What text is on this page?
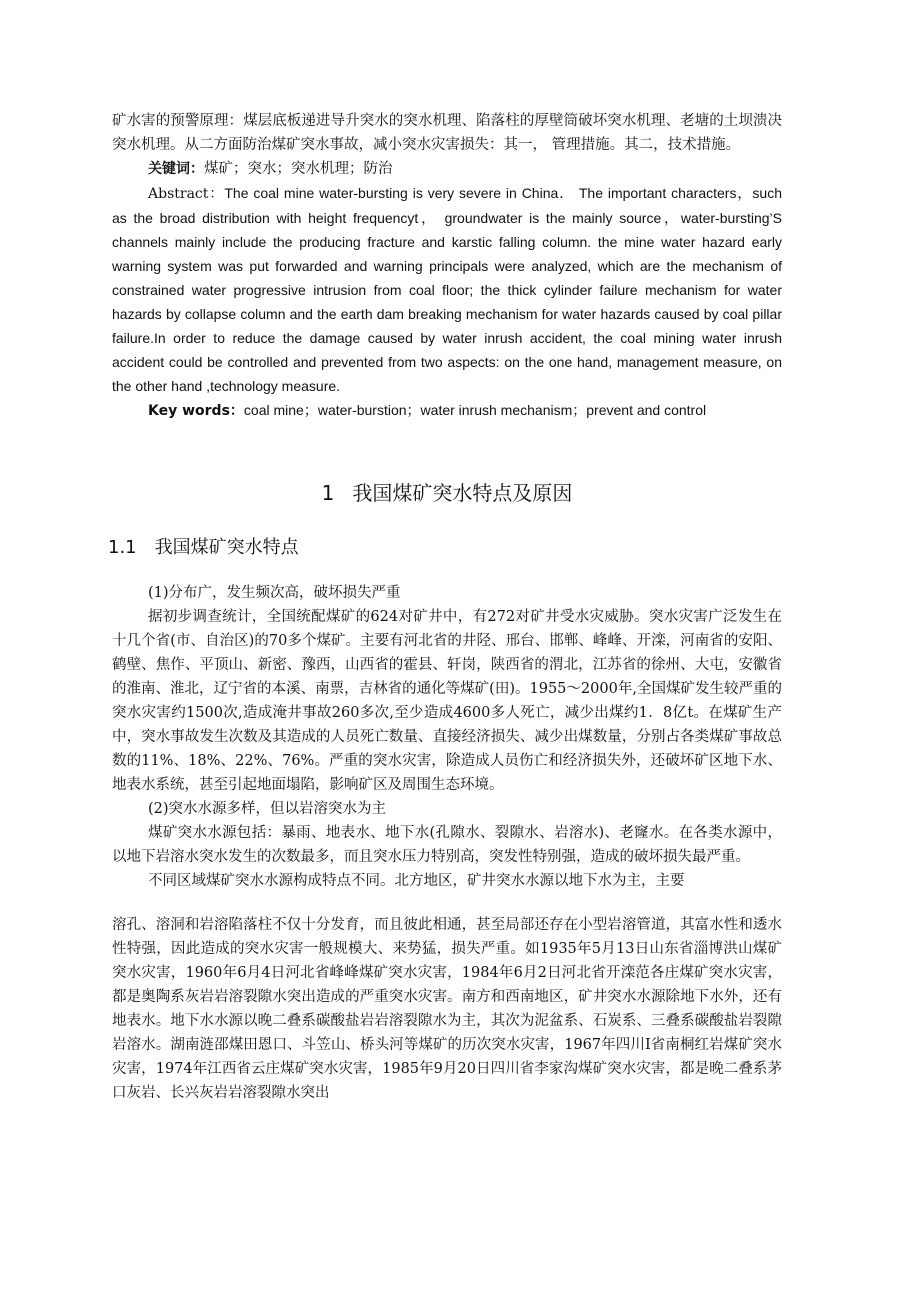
矿水害的预警原理：煤层底板递进导升突水的突水机理、陷落柱的厚壁筒破坏突水机理、老塘的土坝溃决突水机理。从二方面防治煤矿突水事故，减小突水灾害损失：其一， 管理措施。其二，技术措施。

关键词：煤矿；突水；突水机理；防治

Abstract：The coal mine water-bursting is very severe in China． The important characters，such as the broad distribution with height frequencyt， groundwater is the mainly source，water-bursting’S channels mainly include the producing fracture and karstic falling column. the mine water hazard early warning system was put forwarded and warning principals were analyzed, which are the mechanism of constrained water progressive intrusion from coal floor; the thick cylinder failure mechanism for water hazards by collapse column and the earth dam breaking mechanism for water hazards caused by coal pillar failure.In order to reduce the damage caused by water inrush accident, the coal mining water inrush accident could be controlled and prevented from two aspects: on the one hand, management measure, on the other hand ,technology measure.

Key words：coal mine；water-burstion；water inrush mechanism；prevent and control

1 我国煤矿突水特点及原因
1.1 我国煤矿突水特点

(1)分布广，发生频次高，破坏损失严重

据初步调查统计，全国统配煤矿的624对矿井中，有272对矿井受水灾威胁。突水灾害广泛发生在十几个省(市、自治区)的70多个煤矿。主要有河北省的井陉、邢台、邯郸、峰峰、开滦，河南省的安阳、鹤壁、焦作、平顶山、新密、豫西，山西省的霍县、轩岗，陕西省的渭北，江苏省的徐州、大屯，安徽省的淮南、淮北，辽宁省的本溪、南票，吉林省的通化等煤矿(田)。1955～2000年,全国煤矿发生较严重的突水灾害约1500次,造成淹井事故260多次,至少造成4600多人死亡，减少出煤约1．8亿t。在煤矿生产中，突水事故发生次数及其造成的人员死亡数量、直接经济损失、减少出煤数量，分别占各类煤矿事故总数的11%、18%、22%、76%。严重的突水灾害，除造成人员伤亡和经济损失外，还破坏矿区地下水、地表水系统，甚至引起地面塌陷，影响矿区及周围生态环境。

(2)突水水源多样，但以岩溶突水为主

煤矿突水水源包括：暴雨、地表水、地下水(孔隙水、裂隙水、岩溶水)、老窿水。在各类水源中，以地下岩溶水突水发生的次数最多，而且突水压力特别高，突发性特别强，造成的破坏损失最严重。

不同区域煤矿突水水源构成特点不同。北方地区，矿井突水水源以地下水为主，主要

溶孔、溶洞和岩溶陷落柱不仅十分发育，而且彼此相通，甚至局部还存在小型岩溶管道，其富水性和透水性特强，因此造成的突水灾害一般规模大、来势猛，损失严重。如1935年5月13日山东省淄博洪山煤矿突水灾害，1960年6月4日河北省峰峰煤矿突水灾害，1984年6月2日河北省开滦范各庄煤矿突水灾害，都是奥陶系灰岩岩溶裂隙水突出造成的严重突水灾害。南方和西南地区，矿井突水水源除地下水外，还有地表水。地下水水源以晚二叠系碳酸盐岩岩溶裂隙水为主，其次为泥盆系、石炭系、三叠系碳酸盐岩裂隙岩溶水。湖南涟邵煤田恩口、斗笠山、桥头河等煤矿的历次突水灾害，1967年四川I省南桐红岩煤矿突水灾害，1974年江西省云庄煤矿突水灾害，1985年9月20日四川省李家沟煤矿突水灾害，都是晚二叠系茅口灰岩、长兴灰岩岩溶裂隙水突出
